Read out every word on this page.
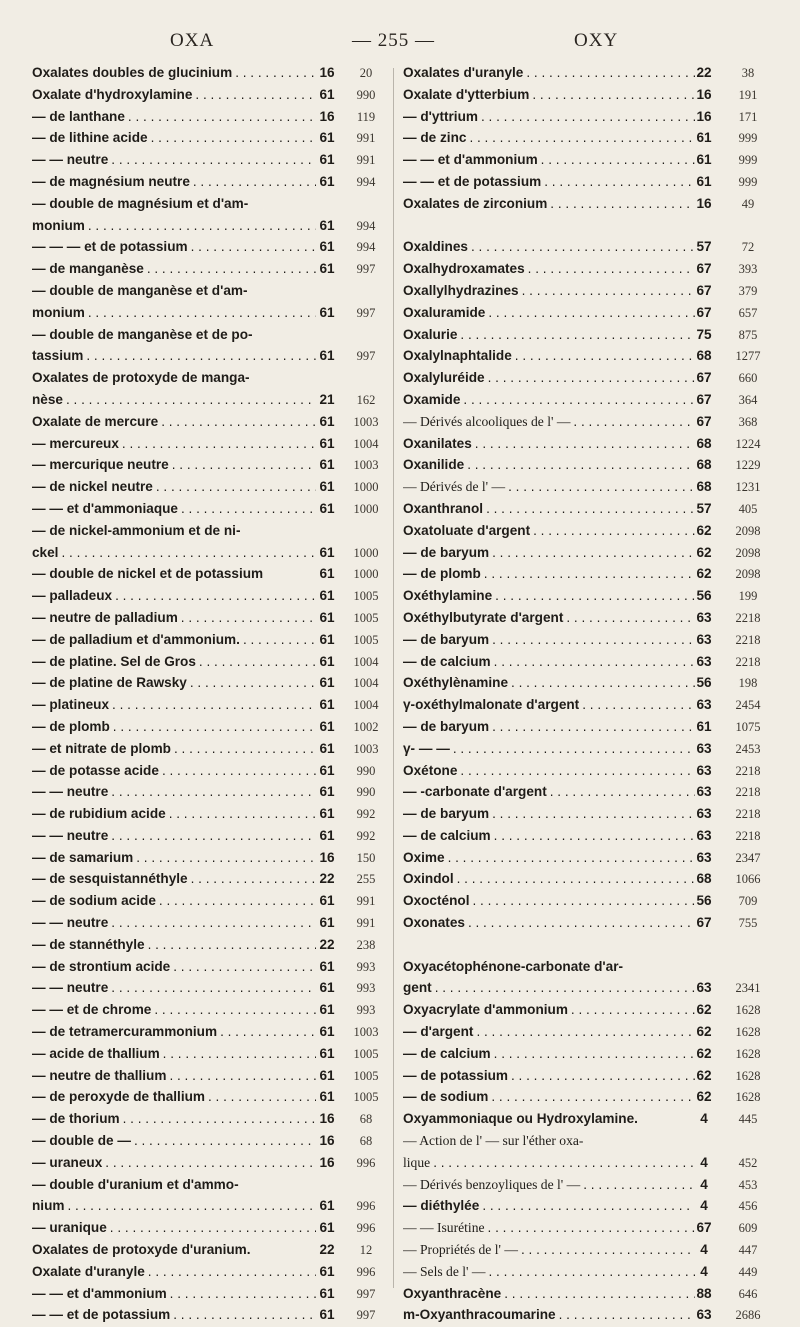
OXA	— 255 —	OXY
Oxalates doubles de glucinium . . .	16	20
Oxalate d'hydroxylamine . . .	61	990
— de lanthane . . .	16	119
— de lithine acide . . .	61	991
— — neutre . . .	61	991
— de magnésium neutre . . .	61	994
— double de magnésium et d'am-
monium . . .	61	994
— — — et de potassium . . .	61	994
— de manganèse . . .	61	997
— double de manganèse et d'am-
monium . . .	61	997
— double de manganèse et de po-
tassium . . .	61	997
Oxalates de protoxyde de manga-
nèse . . .	21	162
Oxalate de mercure . . .	61	1003
— mercureux . . .	61	1004
— mercurique neutre . . .	61	1003
— de nickel neutre . . .	61	1000
— — et d'ammoniaque . . .	61	1000
— de nickel-ammonium et de ni-
ckel . . .	61	1000
— double de nickel et de potassium	61	1000
— palladeux . . .	61	1005
— neutre de palladium . . .	61	1005
— de palladium et d'ammonium. . . .	61	1005
— de platine. Sel de Gros . . .	61	1004
— de platine de Rawsky . . .	61	1004
— platineux . . .	61	1004
— de plomb . . .	61	1002
— et nitrate de plomb . . .	61	1003
— de potasse acide . . .	61	990
— — neutre . . .	61	990
— de rubidium acide . . .	61	992
— — neutre . . .	61	992
— de samarium . . .	16	150
— de sesquistannéthyle . . .	22	255
— de sodium acide . . .	61	991
— — neutre . . .	61	991
— de stannéthyle . . .	22	238
— de strontium acide . . .	61	993
— — neutre . . .	61	993
— — et de chrome . . .	61	993
— de tetramercurammonium . . .	61	1003
— acide de thallium . . .	61	1005
— neutre de thallium . . .	61	1005
— de peroxyde de thallium . . .	61	1005
— de thorium . . .	16	68
— double de — . . .	16	68
— uraneux . . .	16	996
— double d'uranium et d'ammo-
nium . . .	61	996
— uranique . . .	61	996
Oxalates de protoxyde d'uranium.	22	12
Oxalate d'uranyle . . .	61	996
— — et d'ammonium . . .	61	997
— — et de potassium . . .	61	997
Oxalates d'uranyle . . .	22	38
Oxalate d'ytterbium . . .	16	191
— d'yttrium . . .	16	171
— de zinc . . .	61	999
— — et d'ammonium . . .	61	999
— — et de potassium . . .	61	999
Oxalates de zirconium . . .	16	49
Oxaldines . . .	57	72
Oxalhydroxamates . . .	67	393
Oxallylhydrazines . . .	67	379
Oxaluramide . . .	67	657
Oxalurie . . .	75	875
Oxalylnaphtalide . . .	68	1277
Oxalyluréide . . .	67	660
Oxamide . . .	67	364
— Dérivés alcooliques de l' — . . .	67	368
Oxanilates . . .	68	1224
Oxanilide . . .	68	1229
— Dérivés de l' — . . .	68	1231
Oxanthranol . . .	57	405
Oxatoluate d'argent . . .	62	2098
— de baryum . . .	62	2098
— de plomb . . .	62	2098
Oxéthylamine . . .	56	199
Oxéthylbutyrate d'argent . . .	63	2218
— de baryum . . .	63	2218
— de calcium . . .	63	2218
Oxéthylènamine . . .	56	198
γ-oxéthylmalonate d'argent . . .	63	2454
— de baryum . . .	61	1075
γ- — — . . .	63	2453
Oxétone . . .	63	2218
— -carbonate d'argent . . .	63	2218
— de baryum . . .	63	2218
— de calcium . . .	63	2218
Oxime . . .	63	2347
Oxindol . . .	68	1066
Oxocténol . . .	56	709
Oxonates . . .	67	755
Oxyacétophénone-carbonate d'ar-
gent . . .	63	2341
Oxyacrylate d'ammonium . . .	62	1628
— d'argent . . .	62	1628
— de calcium . . .	62	1628
— de potassium . . .	62	1628
— de sodium . . .	62	1628
Oxyammoniaque ou Hydroxylamine.	4	445
— Action de l' — sur l'éther oxa-
lique . . .	4	452
— Dérivés benzoyliques de l' — . . .	4	453
— diéthylée . . .	4	456
— — Isurétine . . .	67	609
— Propriétés de l' — . . .	4	447
— Sels de l' — . . .	4	449
Oxyanthracène . . .	88	646
m-Oxyanthracoumarine . . .	63	2686
